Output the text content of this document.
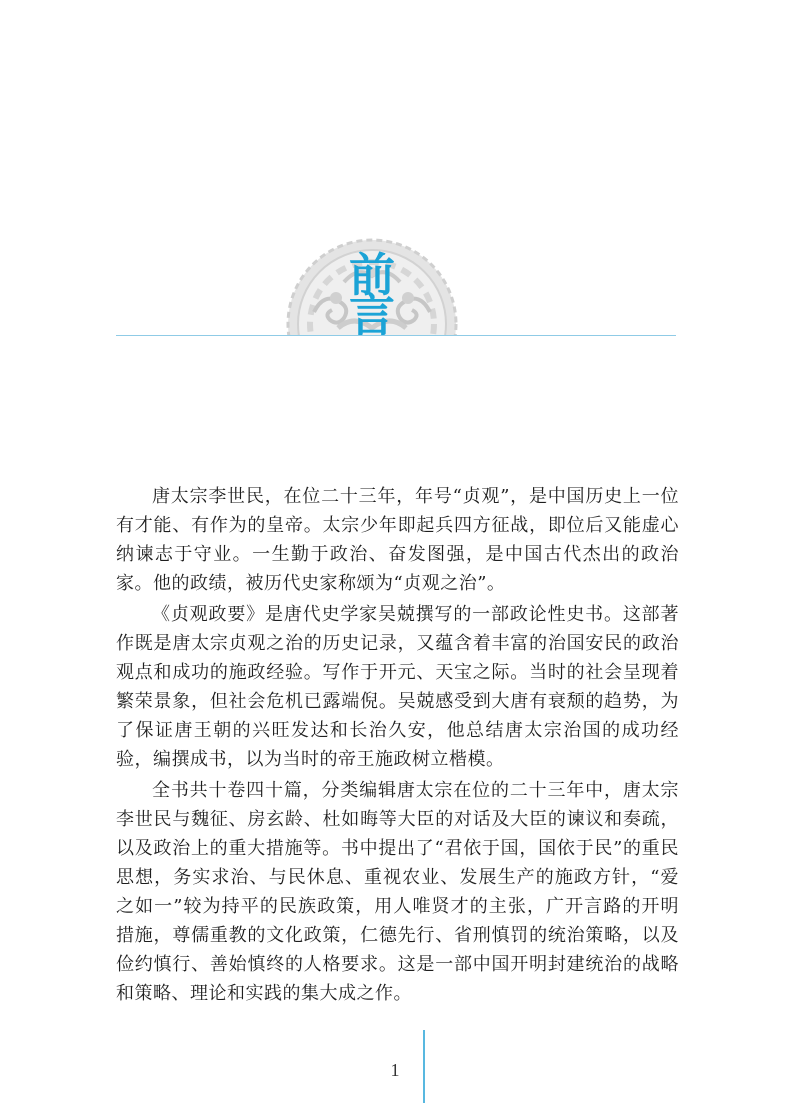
前
言

唐太宗李世民，在位二十三年，年号“贞观”，是中国历史上一位有才能、有作为的皇帝。太宗少年即起兵四方征战，即位后又能虚心纳谏志于守业。一生勤于政治、奋发图强，是中国古代杰出的政治家。他的政绩，被历代史家称颂为“贞观之治”。

《贞观政要》是唐代史学家吴兢撰写的一部政论性史书。这部著作既是唐太宗贞观之治的历史记录，又蕴含着丰富的治国安民的政治观点和成功的施政经验。写作于开元、天宝之际。当时的社会呈现着繁荣景象，但社会危机已露端倪。吴兢感受到大唐有衰颓的趋势，为了保证唐王朝的兴旺发达和长治久安，他总结唐太宗治国的成功经验，编撰成书，以为当时的帝王施政树立楷模。

全书共十卷四十篇，分类编辑唐太宗在位的二十三年中，唐太宗李世民与魏征、房玄龄、杜如晦等大臣的对话及大臣的谏议和奏疏，以及政治上的重大措施等。书中提出了“君依于国，国依于民”的重民思想，务实求治、与民休息、重视农业、发展生产的施政方针，“爱之如一”较为持平的民族政策，用人唯贤才的主张，广开言路的开明措施，尊儒重教的文化政策，仁德先行、省刑慎罚的统治策略，以及俭约慎行、善始慎终的人格要求。这是一部中国开明封建统治的战略和策略、理论和实践的集大成之作。

1
